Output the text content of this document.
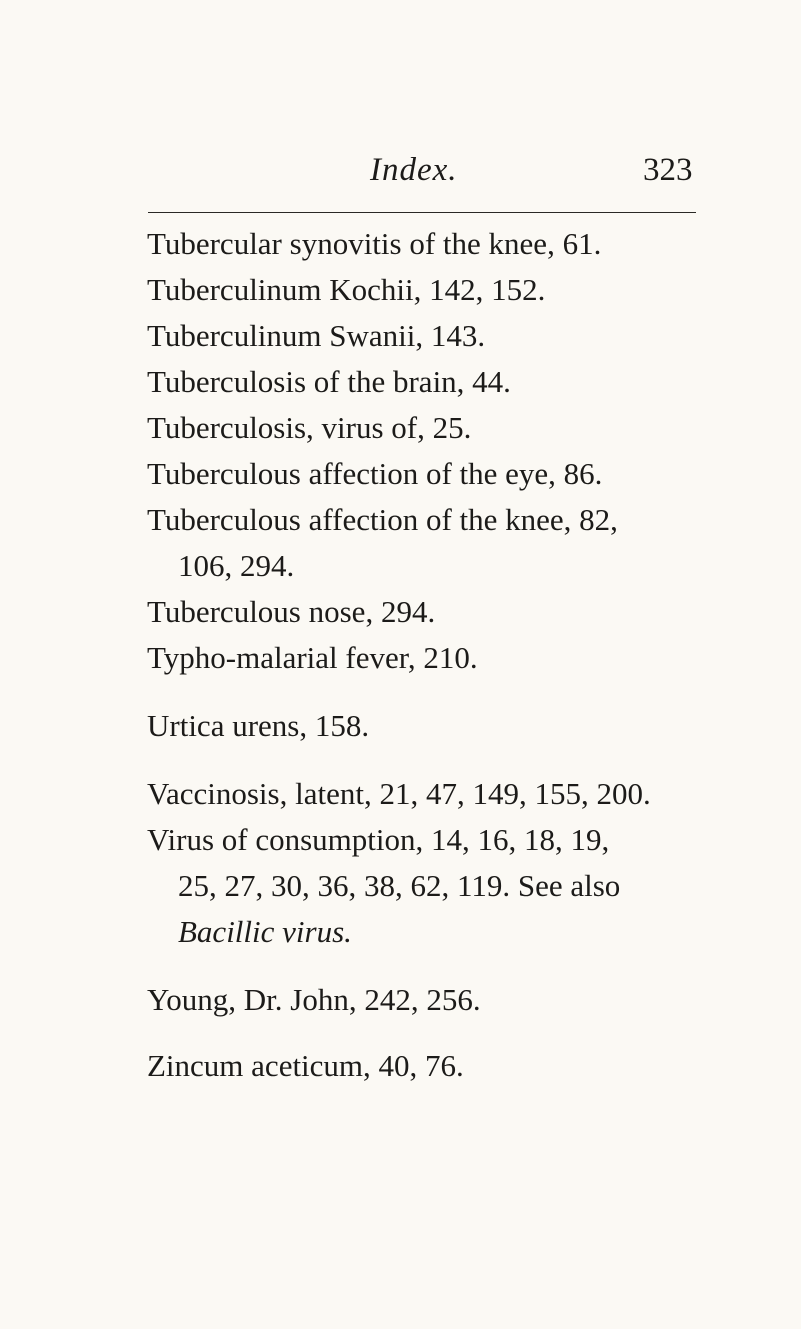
Index.	323
Tubercular synovitis of the knee, 61.
Tuberculinum Kochii, 142, 152.
Tuberculinum Swanii, 143.
Tuberculosis of the brain, 44.
Tuberculosis, virus of, 25.
Tuberculous affection of the eye, 86.
Tuberculous affection of the knee, 82,
106, 294.
Tuberculous nose, 294.
Typho-malarial fever, 210.
Urtica urens, 158.
Vaccinosis, latent, 21, 47, 149, 155, 200.
Virus of consumption, 14, 16, 18, 19,
25, 27, 30, 36, 38, 62, 119. See also
Bacillic virus.
Young, Dr. John, 242, 256.
Zincum aceticum, 40, 76.
